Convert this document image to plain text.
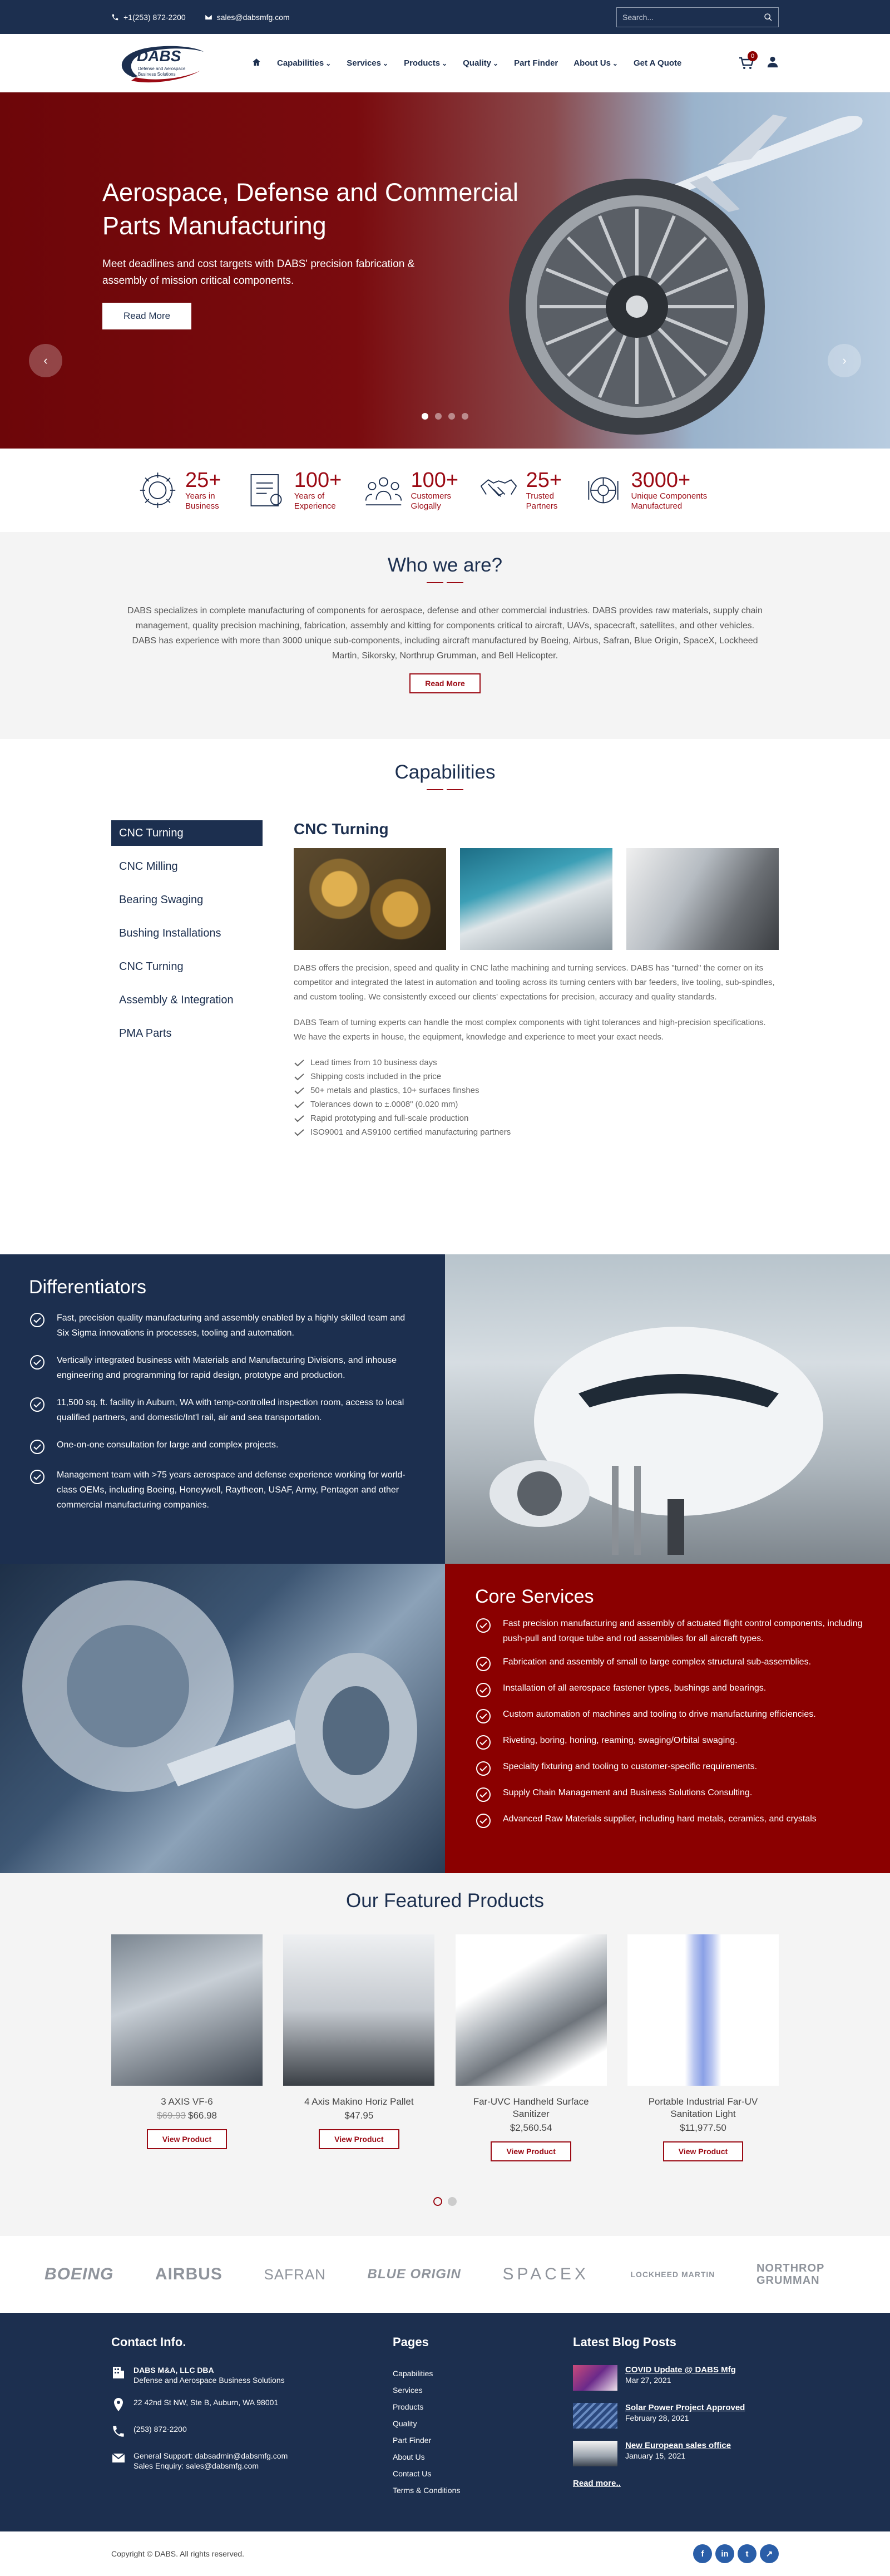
+1(253) 872-2200	sales@dabsmfg.com
Search...
DABS
Defense and Aerospace Business Solutions
Capabilities ⌄	Services ⌄	Products ⌄	Quality ⌄	Part Finder About Us ⌄	Get A Quote
0
Aerospace, Defense and Commercial Parts Manufacturing

Meet deadlines and cost targets with DABS' precision fabrication & assembly of mission critical components.

Read More
‹	›
25+
Years in Business
100+
Years of Experience
100+
Customers Glogally
25+
Trusted Partners
3000+
Unique Components Manufactured
Who we are?

DABS specializes in complete manufacturing of components for aerospace, defense and other commercial industries. DABS provides raw materials, supply chain management, quality precision machining, fabrication, assembly and kitting for components critical to aircraft, UAVs, spacecraft, satellites, and other vehicles. DABS has experience with more than 3000 unique sub-components, including aircraft manufactured by Boeing, Airbus, Safran, Blue Origin, SpaceX, Lockheed Martin, Sikorsky, Northrup Grumman, and Bell Helicopter.

Read More
Capabilities
CNC Turning
CNC Milling
Bearing Swaging
Bushing Installations
CNC Turning
Assembly & Integration
PMA Parts
CNC Turning

DABS offers the precision, speed and quality in CNC lathe machining and turning services. DABS has "turned" the corner on its competitor and integrated the latest in automation and tooling across its turning centers with bar feeders, live tooling, sub-spindles, and custom tooling. We consistently exceed our clients' expectations for precision, accuracy and quality standards.

DABS Team of turning experts can handle the most complex components with tight tolerances and high-precision specifications. We have the experts in house, the equipment, knowledge and experience to meet your exact needs.

Lead times from 10 business days
Shipping costs included in the price
50+ metals and plastics, 10+ surfaces finshes
Tolerances down to ±.0008" (0.020 mm)
Rapid prototyping and full-scale production
ISO9001 and AS9100 certified manufacturing partners
Differentiators
Fast, precision quality manufacturing and assembly enabled by a highly skilled team and Six Sigma innovations in processes, tooling and automation.
Vertically integrated business with Materials and Manufacturing Divisions, and inhouse engineering and programming for rapid design, prototype and production.
11,500 sq. ft. facility in Auburn, WA with temp-controlled inspection room, access to local qualified partners, and domestic/Int'l rail, air and sea transportation.
One-on-one consultation for large and complex projects.
Management team with >75 years aerospace and defense experience working for world-class OEMs, including Boeing, Honeywell, Raytheon, USAF, Army, Pentagon and other commercial manufacturing companies.
Core Services
Fast precision manufacturing and assembly of actuated flight control components, including push-pull and torque tube and rod assemblies for all aircraft types.
Fabrication and assembly of small to large complex structural sub-assemblies.
Installation of all aerospace fastener types, bushings and bearings.
Custom automation of machines and tooling to drive manufacturing efficiencies.
Riveting, boring, honing, reaming, swaging/Orbital swaging.
Specialty fixturing and tooling to customer-specific requirements.
Supply Chain Management and Business Solutions Consulting.
Advanced Raw Materials supplier, including hard metals, ceramics, and crystals
Our Featured Products
3 AXIS VF-6
$69.93 $66.98
View Product
4 Axis Makino Horiz Pallet
$47.95
View Product
Far-UVC Handheld Surface Sanitizer
$2,560.54
View Product
Portable Industrial Far-UV Sanitation Light
$11,977.50
View Product
BOEING AIRBUS	SAFRAN	BLUE ORIGIN SPACEX	LOCKHEED MARTIN	NORTHROP GRUMMAN
Contact Info.
DABS M&A, LLC DBA
Defense and Aerospace Business Solutions
22 42nd St NW, Ste B, Auburn, WA 98001
(253) 872-2200
General Support: dabsadmin@dabsmfg.com
Sales Enquiry: sales@dabsmfg.com
Pages
Capabilities
Services
Products
Quality
Part Finder
About Us
Contact Us
Terms & Conditions
Latest Blog Posts
COVID Update @ DABS Mfg
Mar 27, 2021
Solar Power Project Approved
February 28, 2021
New European sales office
January 15, 2021
Read more..
Copyright © DABS. All rights reserved.	f	in	t	↗
